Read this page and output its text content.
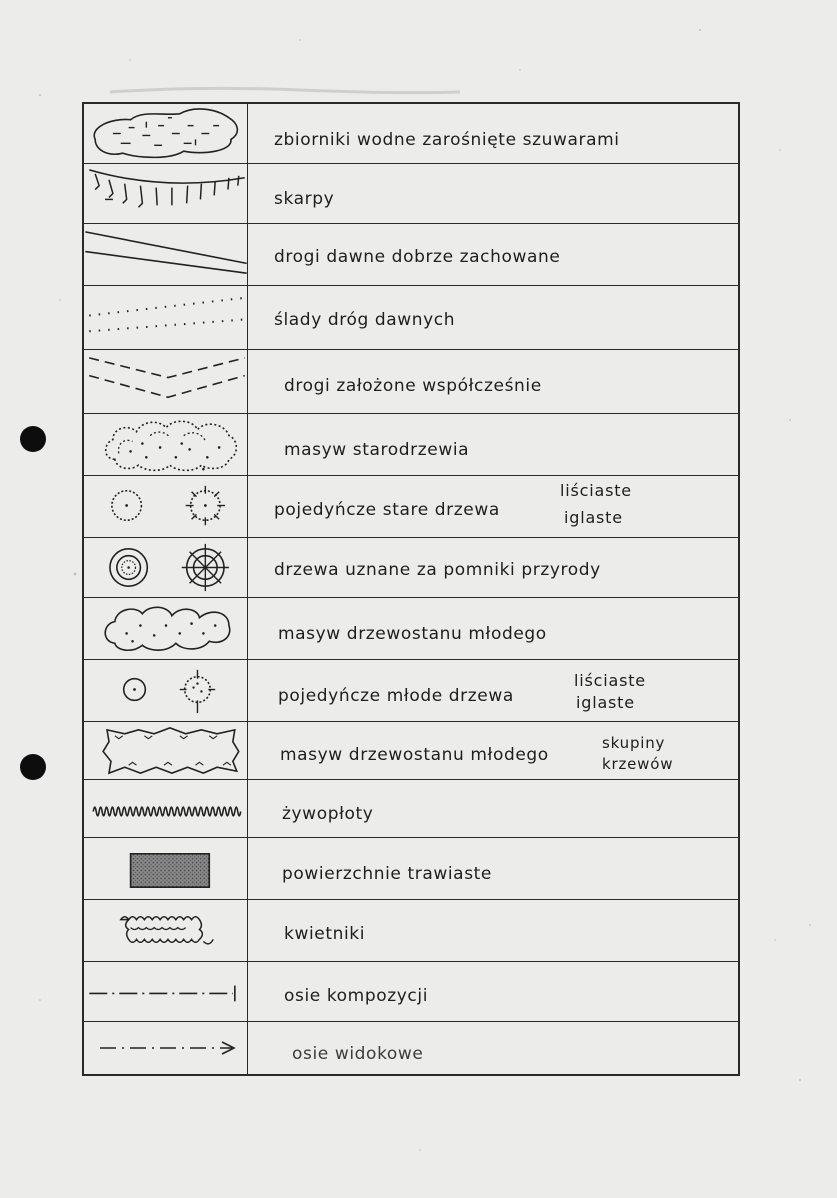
zbiorniki wodne zarośnięte szuwarami
skarpy
drogi dawne dobrze zachowane
ślady dróg dawnych
drogi założone współcześnie
masyw starodrzewia
pojedyńcze stare drzewa
liściaste
iglaste
drzewa uznane za pomniki przyrody
masyw drzewostanu młodego
pojedyńcze młode drzewa
liściaste
iglaste
masyw drzewostanu młodego
skupiny
krzewów
żywopłoty
powierzchnie trawiaste
kwietniki
osie kompozycji
osie widokowe
